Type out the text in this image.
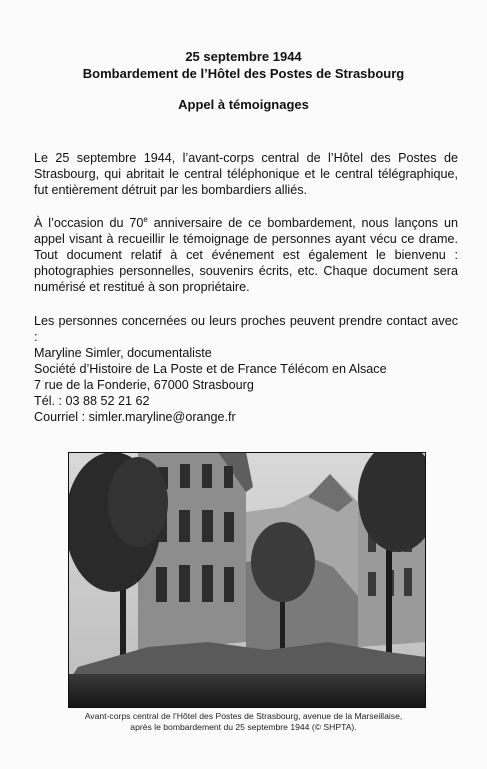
25 septembre 1944
Bombardement de l’Hôtel des Postes de Strasbourg
Appel à témoignages
Le 25 septembre 1944, l’avant-corps central de l’Hôtel des Postes de Strasbourg, qui abritait le central téléphonique et le central télégraphique, fut entièrement détruit par les bombardiers alliés.
À l’occasion du 70e anniversaire de ce bombardement, nous lançons un appel visant à recueillir le témoignage de personnes ayant vécu ce drame. Tout document relatif à cet événement est également le bienvenu : photographies personnelles, souvenirs écrits, etc. Chaque document sera numérisé et restitué à son propriétaire.
Les personnes concernées ou leurs proches peuvent prendre contact avec :
Maryline Simler, documentaliste
Société d’Histoire de La Poste et de France Télécom en Alsace
7 rue de la Fonderie, 67000 Strasbourg
Tél. : 03 88 52 21 62
Courriel : simler.maryline@orange.fr
Avant-corps central de l’Hôtel des Postes de Strasbourg, avenue de la Marseillaise,
après le bombardement du 25 septembre 1944 (© SHPTA).
